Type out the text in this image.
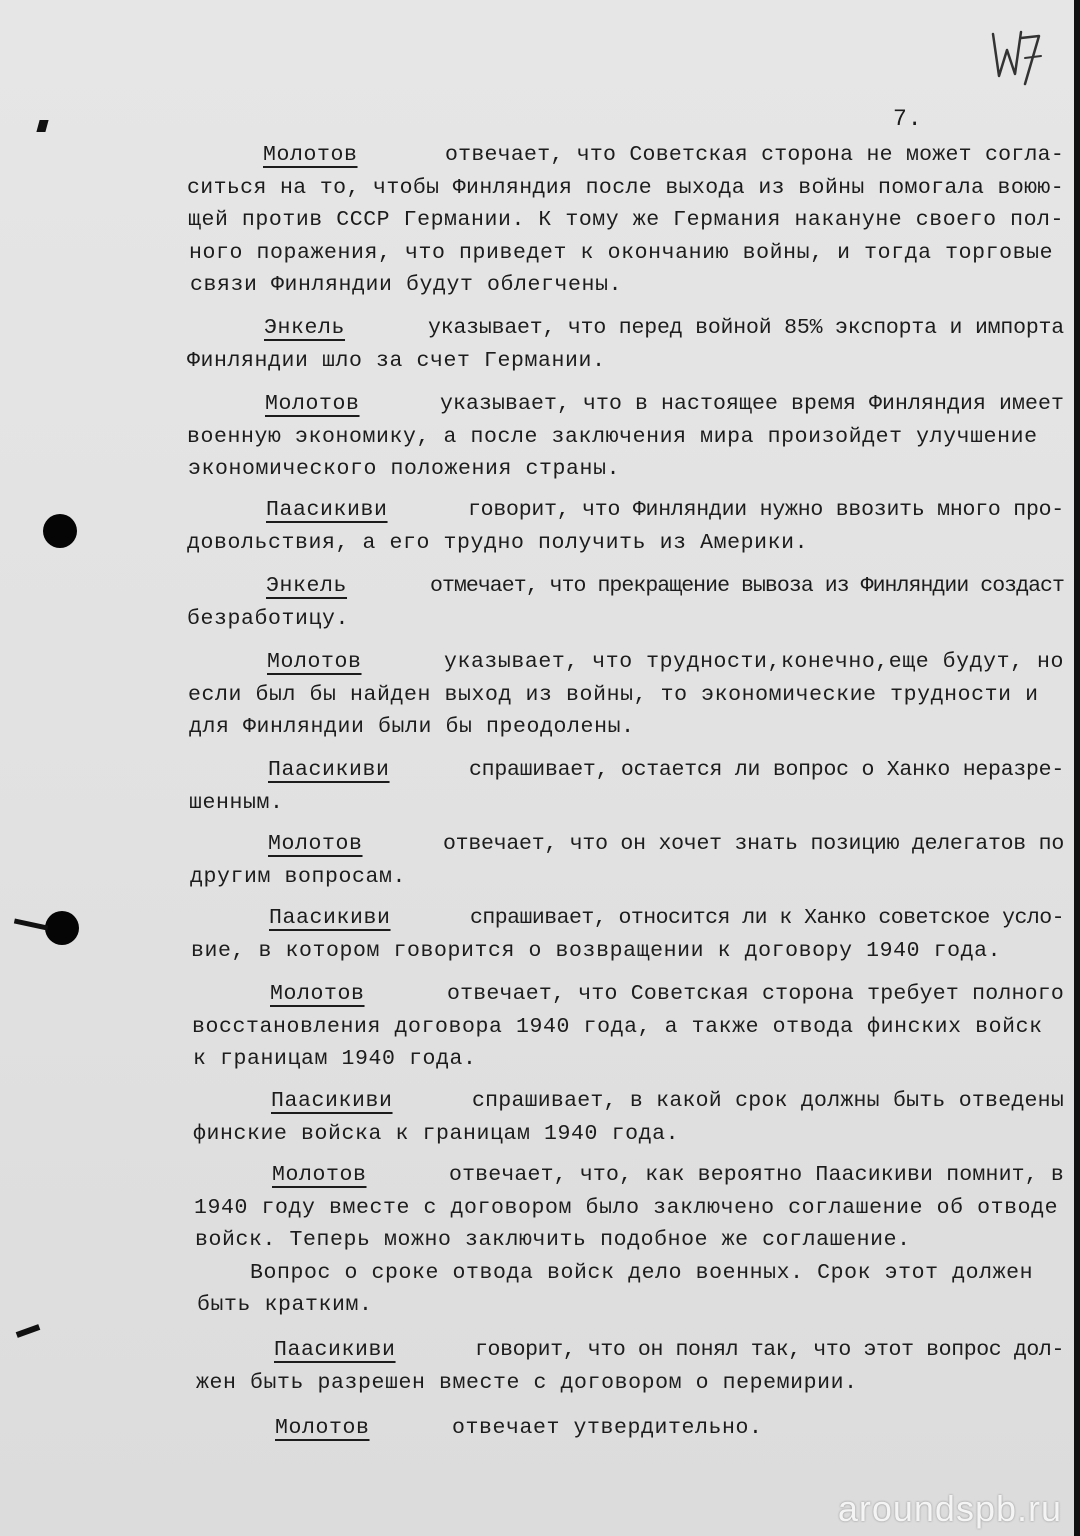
7.
Молотов	отвечает, что Советская сторона не может согла-
ситься на то, чтобы Финляндия после выхода из войны помогала воюю-
щей против СССР Германии. К тому же Германия накануне своего пол-
ного поражения, что приведет к окончанию войны, и тогда торговые
связи Финляндии будут облегчены.
Энкель	указывает, что перед войной 85% экспорта и импорта
Финляндии шло за счет Германии.
Молотов	указывает, что в настоящее время Финляндия имеет
военную экономику, а после заключения мира произойдет улучшение
экономического положения страны.
Паасикиви	говорит, что Финляндии нужно ввозить много про-
довольствия, а его трудно получить из Америки.
Энкель	отмечает, что прекращение вывоза из Финляндии создаст
безработицу.
Молотов	указывает, что трудности,конечно,еще будут, но
если был бы найден выход из войны, то экономические трудности и
для Финляндии были бы преодолены.
Паасикиви	спрашивает, остается ли вопрос о Ханко неразре-
шенным.
Молотов	отвечает, что он хочет знать позицию делегатов по
другим вопросам.
Паасикиви	спрашивает, относится ли к Ханко советское усло-
вие, в котором говорится о возвращении к договору 1940 года.
Молотов	отвечает, что Советская сторона требует полного
восстановления договора 1940 года, а также отвода финских войск
к границам 1940 года.
Паасикиви	спрашивает, в какой срок должны быть отведены
финские войска к границам 1940 года.
Молотов	отвечает, что, как вероятно Паасикиви помнит, в
1940 году вместе с договором было заключено соглашение об отводе
войск. Теперь можно заключить подобное же соглашение.
Вопрос о сроке отвода войск дело военных. Срок этот должен
быть кратким.
Паасикиви	говорит, что он понял так, что этот вопрос дол-
жен быть разрешен вместе с договором о перемирии.
Молотов	отвечает утвердительно.
aroundspb.ru
